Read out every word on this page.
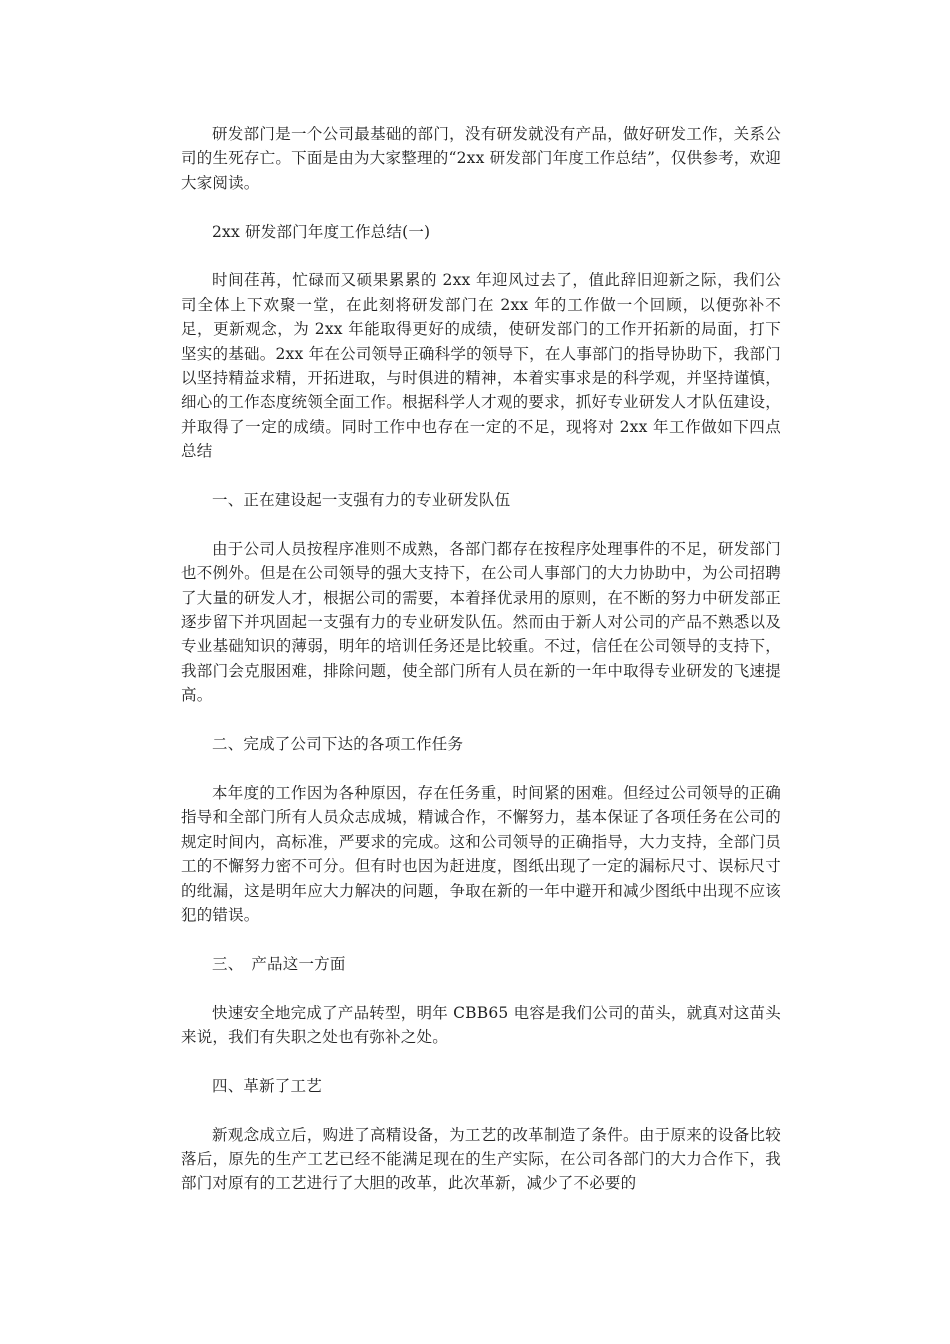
研发部门是一个公司最基础的部门，没有研发就没有产品，做好研发工作，关系公司的生死存亡。下面是由为大家整理的“2xx 研发部门年度工作总结”，仅供参考，欢迎大家阅读。

2xx 研发部门年度工作总结(一)

时间荏苒，忙碌而又硕果累累的 2xx 年迎风过去了，值此辞旧迎新之际，我们公司全体上下欢聚一堂，在此刻将研发部门在 2xx 年的工作做一个回顾，以便弥补不足，更新观念，为 2xx 年能取得更好的成绩，使研发部门的工作开拓新的局面，打下坚实的基础。2xx 年在公司领导正确科学的领导下，在人事部门的指导协助下，我部门以坚持精益求精，开拓进取，与时俱进的精神，本着实事求是的科学观，并坚持谨慎，细心的工作态度统领全面工作。根据科学人才观的要求，抓好专业研发人才队伍建设，并取得了一定的成绩。同时工作中也存在一定的不足，现将对 2xx 年工作做如下四点总结

一、正在建设起一支强有力的专业研发队伍

由于公司人员按程序准则不成熟，各部门都存在按程序处理事件的不足，研发部门也不例外。但是在公司领导的强大支持下，在公司人事部门的大力协助中，为公司招聘了大量的研发人才，根据公司的需要，本着择优录用的原则，在不断的努力中研发部正逐步留下并巩固起一支强有力的专业研发队伍。然而由于新人对公司的产品不熟悉以及专业基础知识的薄弱，明年的培训任务还是比较重。不过，信任在公司领导的支持下，我部门会克服困难，排除问题，使全部门所有人员在新的一年中取得专业研发的飞速提高。

二、完成了公司下达的各项工作任务

本年度的工作因为各种原因，存在任务重，时间紧的困难。但经过公司领导的正确指导和全部门所有人员众志成城，精诚合作，不懈努力，基本保证了各项任务在公司的规定时间内，高标准，严要求的完成。这和公司领导的正确指导，大力支持，全部门员工的不懈努力密不可分。但有时也因为赶进度，图纸出现了一定的漏标尺寸、误标尺寸的纰漏，这是明年应大力解决的问题，争取在新的一年中避开和减少图纸中出现不应该犯的错误。

三、　产品这一方面

快速安全地完成了产品转型，明年 CBB65 电容是我们公司的苗头，就真对这苗头来说，我们有失职之处也有弥补之处。

四、革新了工艺

新观念成立后，购进了高精设备，为工艺的改革制造了条件。由于原来的设备比较落后，原先的生产工艺已经不能满足现在的生产实际，在公司各部门的大力合作下，我部门对原有的工艺进行了大胆的改革，此次革新，减少了不必要的
